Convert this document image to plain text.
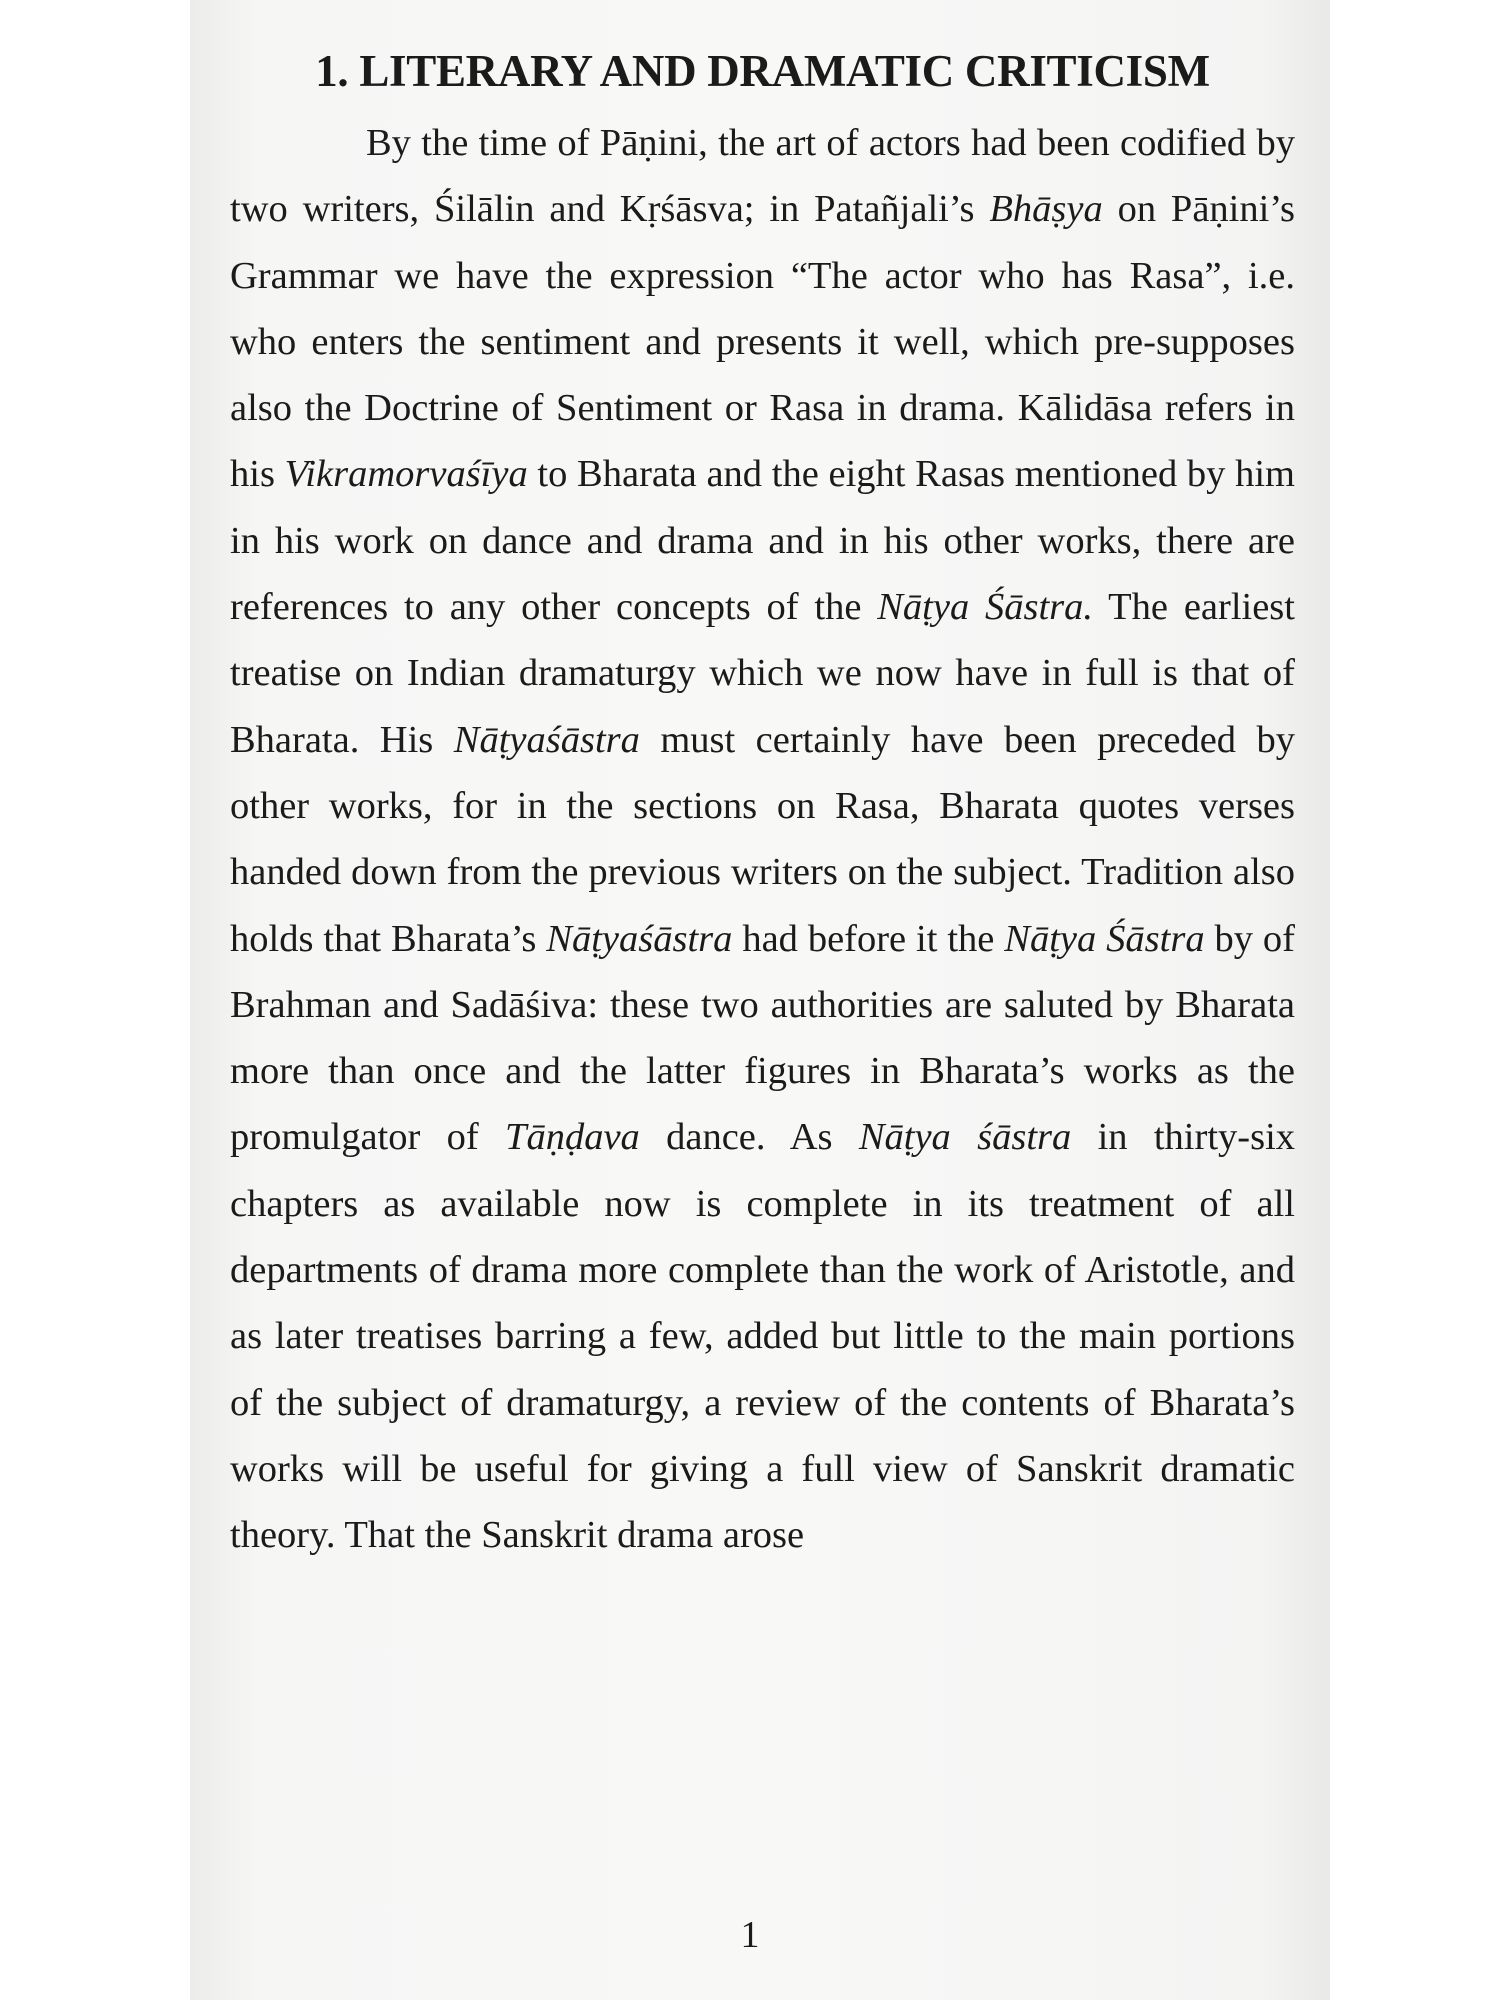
1. LITERARY AND DRAMATIC CRITICISM

By the time of Pāṇini, the art of actors had been codified by two writers, Śilālin and Kṛśāsva; in Patañjali’s Bhāṣya on Pāṇini’s Grammar we have the expression “The actor who has Rasa”, i.e. who enters the sentiment and presents it well, which pre-supposes also the Doctrine of Sentiment or Rasa in drama. Kālidāsa refers in his Vikramorvaśīya to Bharata and the eight Rasas mentioned by him in his work on dance and drama and in his other works, there are references to any other concepts of the Nāṭya Śāstra. The earliest treatise on Indian dramaturgy which we now have in full is that of Bharata. His Nāṭyaśāstra must certainly have been preceded by other works, for in the sections on Rasa, Bharata quotes verses handed down from the previous writers on the subject. Tradition also holds that Bharata’s Nāṭyaśāstra had before it the Nāṭya Śāstra by of Brahman and Sadāśiva: these two authorities are saluted by Bharata more than once and the latter figures in Bharata’s works as the promulgator of Tāṇḍava dance. As Nāṭya śāstra in thirty-six chapters as available now is complete in its treatment of all departments of drama more complete than the work of Aristotle, and as later treatises barring a few, added but little to the main portions of the subject of dramaturgy, a review of the contents of Bharata’s works will be useful for giving a full view of Sanskrit dramatic theory. That the Sanskrit drama arose

1
